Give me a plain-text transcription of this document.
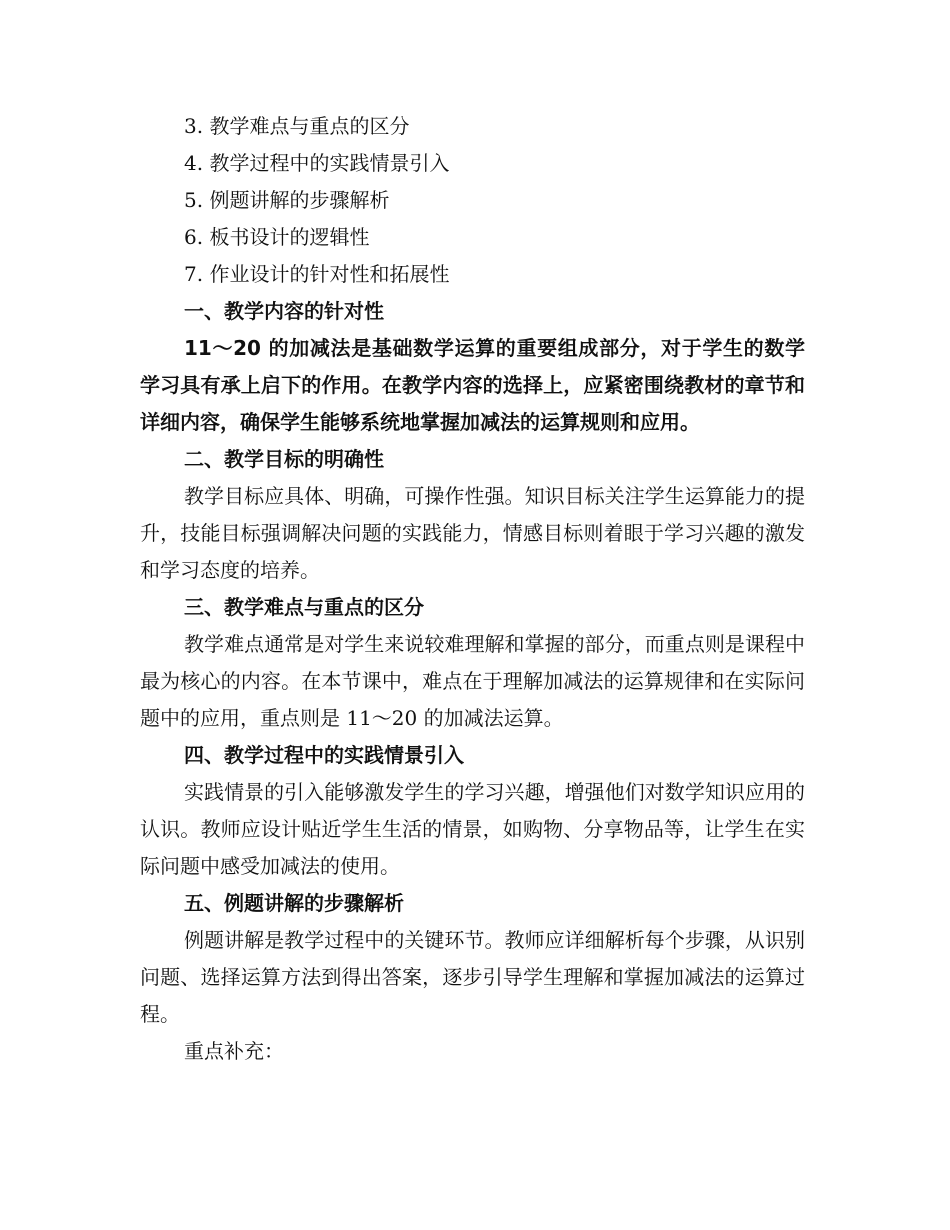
3. 教学难点与重点的区分
4. 教学过程中的实践情景引入
5. 例题讲解的步骤解析
6. 板书设计的逻辑性
7. 作业设计的针对性和拓展性
一、教学内容的针对性

11～20 的加减法是基础数学运算的重要组成部分，对于学生的数学学习具有承上启下的作用。在教学内容的选择上，应紧密围绕教材的章节和详细内容，确保学生能够系统地掌握加减法的运算规则和应用。

二、教学目标的明确性

教学目标应具体、明确，可操作性强。知识目标关注学生运算能力的提升，技能目标强调解决问题的实践能力，情感目标则着眼于学习兴趣的激发和学习态度的培养。

三、教学难点与重点的区分

教学难点通常是对学生来说较难理解和掌握的部分，而重点则是课程中最为核心的内容。在本节课中，难点在于理解加减法的运算规律和在实际问题中的应用，重点则是 11～20 的加减法运算。

四、教学过程中的实践情景引入

实践情景的引入能够激发学生的学习兴趣，增强他们对数学知识应用的认识。教师应设计贴近学生生活的情景，如购物、分享物品等，让学生在实际问题中感受加减法的使用。

五、例题讲解的步骤解析

例题讲解是教学过程中的关键环节。教师应详细解析每个步骤，从识别问题、选择运算方法到得出答案，逐步引导学生理解和掌握加减法的运算过程。

重点补充：
